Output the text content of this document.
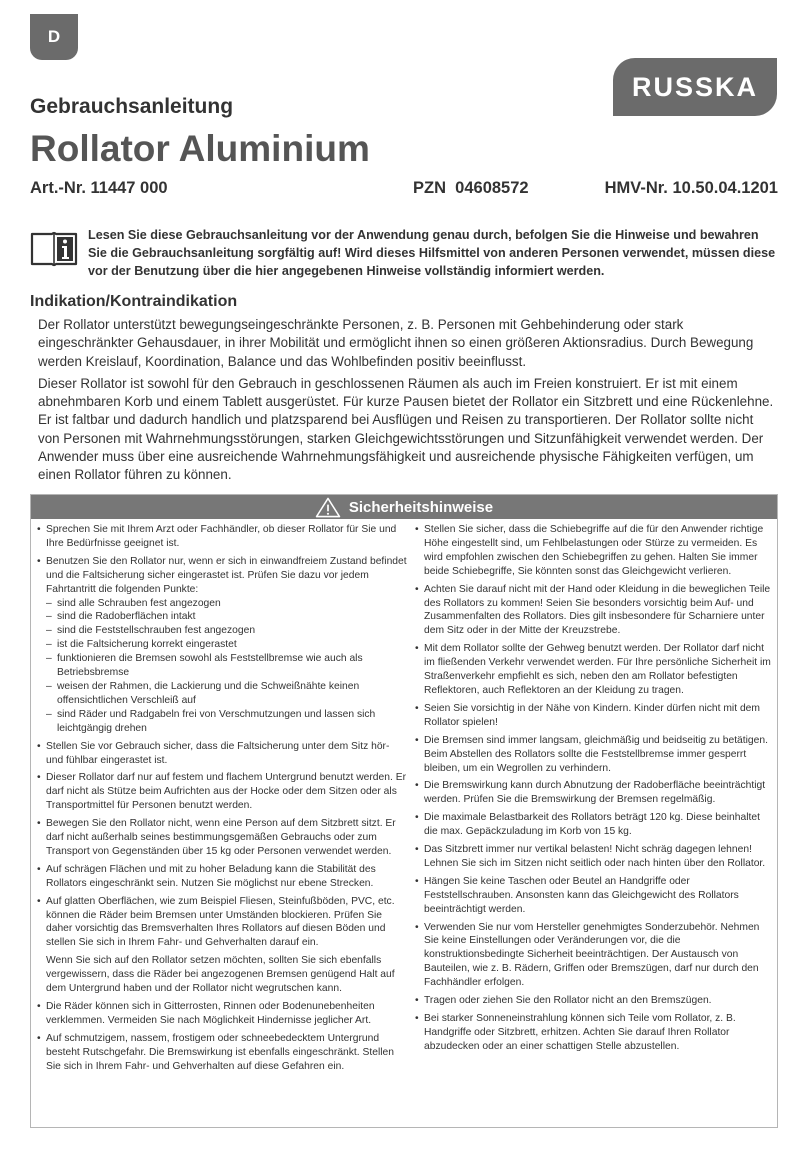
D
RUSSKA
Gebrauchsanleitung
Rollator Aluminium
Art.-Nr. 11447 000	PZN  04608572	HMV-Nr. 10.50.04.1201
Lesen Sie diese Gebrauchsanleitung vor der Anwendung genau durch, befolgen Sie die Hinweise und bewahren Sie die Gebrauchsanleitung sorgfältig auf! Wird dieses Hilfsmittel von anderen Personen verwendet, müssen diese vor der Benutzung über die hier angegebenen Hinweise vollständig informiert werden.
Indikation/Kontraindikation

Der Rollator unterstützt bewegungseingeschränkte Personen, z. B. Personen mit Gehbehinderung oder stark eingeschränkter Gehausdauer, in ihrer Mobilität und ermöglicht ihnen so einen größeren Aktionsradius. Durch Bewegung werden Kreislauf, Koordination, Balance und das Wohlbefinden positiv beeinflusst.

Dieser Rollator ist sowohl für den Gebrauch in geschlossenen Räumen als auch im Freien konstruiert. Er ist mit einem abnehmbaren Korb und einem Tablett ausgerüstet. Für kurze Pausen bietet der Rollator ein Sitzbrett und eine Rückenlehne. Er ist faltbar und dadurch handlich und platzsparend bei Ausflügen und Reisen zu transportieren. Der Rollator sollte nicht von Personen mit Wahrnehmungsstörungen, starken Gleichgewichtsstörungen und Sitzunfähigkeit verwendet werden. Der Anwender muss über eine ausreichende Wahrnehmungsfähigkeit und ausreichende physische Fähigkeiten verfügen, um einen Rollator führen zu können.

Sicherheitshinweise
• Sprechen Sie mit Ihrem Arzt oder Fachhändler, ob dieser Rollator für Sie und Ihre Bedürfnisse geeignet ist.
• Benutzen Sie den Rollator nur, wenn er sich in einwandfreiem Zustand befindet und die Faltsicherung sicher eingerastet ist. Prüfen Sie dazu vor jedem Fahrtantritt die folgenden Punkte:
– sind alle Schrauben fest angezogen
– sind die Radoberflächen intakt
– sind die Feststellschrauben fest angezogen
– ist die Faltsicherung korrekt eingerastet
– funktionieren die Bremsen sowohl als Feststellbremse wie auch als Betriebsbremse
– weisen der Rahmen, die Lackierung und die Schweißnähte keinen offensichtlichen Verschleiß auf
– sind Räder und Radgabeln frei von Verschmutzungen und lassen sich leichtgängig drehen
• Stellen Sie vor Gebrauch sicher, dass die Faltsicherung unter dem Sitz hör- und fühlbar eingerastet ist.
• Dieser Rollator darf nur auf festem und flachem Untergrund benutzt werden. Er darf nicht als Stütze beim Aufrichten aus der Hocke oder dem Sitzen oder als Transportmittel für Personen benutzt werden.
• Bewegen Sie den Rollator nicht, wenn eine Person auf dem Sitzbrett sitzt. Er darf nicht außerhalb seines bestimmungsgemäßen Gebrauchs oder zum Transport von Gegenständen über 15 kg oder Personen verwendet werden.
• Auf schrägen Flächen und mit zu hoher Beladung kann die Stabilität des Rollators eingeschränkt sein. Nutzen Sie möglichst nur ebene Strecken.
• Auf glatten Oberflächen, wie zum Beispiel Fliesen, Steinfußböden, PVC, etc. können die Räder beim Bremsen unter Umständen blockieren. Prüfen Sie daher vorsichtig das Bremsverhalten Ihres Rollators auf diesen Böden und stellen Sie sich in Ihrem Fahr- und Gehverhalten darauf ein.

Wenn Sie sich auf den Rollator setzen möchten, sollten Sie sich ebenfalls vergewissern, dass die Räder bei angezogenen Bremsen genügend Halt auf dem Untergrund haben und der Rollator nicht wegrutschen kann.

• Die Räder können sich in Gitterrosten, Rinnen oder Bodenunebenheiten verklemmen. Vermeiden Sie nach Möglichkeit Hindernisse jeglicher Art.
• Auf schmutzigem, nassem, frostigem oder schneebedecktem Untergrund besteht Rutschgefahr. Die Bremswirkung ist ebenfalls eingeschränkt. Stellen Sie sich in Ihrem Fahr- und Gehverhalten auf diese Gefahren ein.
• Stellen Sie sicher, dass die Schiebegriffe auf die für den Anwender richtige Höhe eingestellt sind, um Fehlbelastungen oder Stürze zu vermeiden. Es wird empfohlen zwischen den Schiebegriffen zu gehen. Halten Sie immer beide Schiebegriffe, Sie könnten sonst das Gleichgewicht verlieren.
• Achten Sie darauf nicht mit der Hand oder Kleidung in die beweglichen Teile des Rollators zu kommen! Seien Sie besonders vorsichtig beim Auf- und Zusammenfalten des Rollators. Dies gilt insbesondere für Scharniere unter dem Sitz oder in der Mitte der Kreuzstrebe.
• Mit dem Rollator sollte der Gehweg benutzt werden. Der Rollator darf nicht im fließenden Verkehr verwendet werden. Für Ihre persönliche Sicherheit im Straßenverkehr empfiehlt es sich, neben den am Rollator befestigten Reflektoren, auch Reflektoren an der Kleidung zu tragen.
• Seien Sie vorsichtig in der Nähe von Kindern. Kinder dürfen nicht mit dem Rollator spielen!
• Die Bremsen sind immer langsam, gleichmäßig und beidseitig zu betätigen. Beim Abstellen des Rollators sollte die Feststellbremse immer gesperrt bleiben, um ein Wegrollen zu verhindern.
• Die Bremswirkung kann durch Abnutzung der Radoberfläche beeinträchtigt werden. Prüfen Sie die Bremswirkung der Bremsen regelmäßig.
• Die maximale Belastbarkeit des Rollators beträgt 120 kg. Diese beinhaltet die max. Gepäckzuladung im Korb von 15 kg.
• Das Sitzbrett immer nur vertikal belasten! Nicht schräg dagegen lehnen! Lehnen Sie sich im Sitzen nicht seitlich oder nach hinten über den Rollator.
• Hängen Sie keine Taschen oder Beutel an Handgriffe oder Feststellschrauben. Ansonsten kann das Gleichgewicht des Rollators beeinträchtigt werden.
• Verwenden Sie nur vom Hersteller genehmigtes Sonderzubehör. Nehmen Sie keine Einstellungen oder Veränderungen vor, die die konstruktionsbedingte Sicherheit beeinträchtigen. Der Austausch von Bauteilen, wie z. B. Rädern, Griffen oder Bremszügen, darf nur durch den Fachhändler erfolgen.
• Tragen oder ziehen Sie den Rollator nicht an den Bremszügen.
• Bei starker Sonneneinstrahlung können sich Teile vom Rollator, z. B. Handgriffe oder Sitzbrett, erhitzen. Achten Sie darauf Ihren Rollator abzudecken oder an einer schattigen Stelle abzustellen.
